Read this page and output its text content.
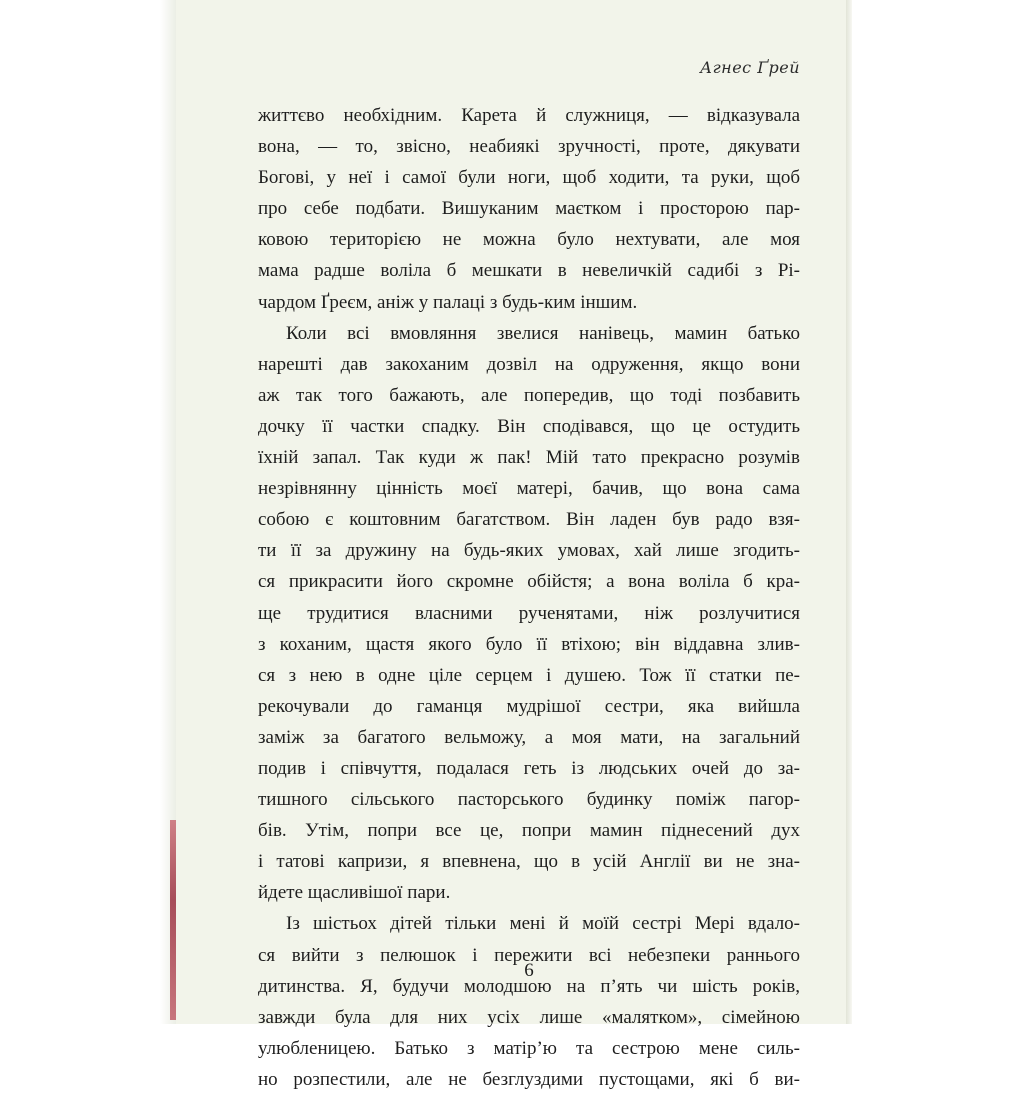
Агнес Ґрей
життєво необхідним. Карета й служниця, — відказувала
вона, — то, звісно, неабиякі зручності, проте, дякувати
Богові, у неї і самої були ноги, щоб ходити, та руки, щоб
про себе подбати. Вишуканим маєтком і просторою пар-
ковою територією не можна було нехтувати, але моя
мама радше воліла б мешкати в невеличкій садибі з Рі-
чардом Ґреєм, аніж у палаці з будь-ким іншим.
Коли всі вмовляння звелися нанівець, мамин батько
нарешті дав закоханим дозвіл на одруження, якщо вони
аж так того бажають, але попередив, що тоді позбавить
дочку її частки спадку. Він сподівався, що це остудить
їхній запал. Так куди ж пак! Мій тато прекрасно розумів
незрівнянну цінність моєї матері, бачив, що вона сама
собою є коштовним багатством. Він ладен був радо взя-
ти її за дружину на будь-яких умовах, хай лише згодить-
ся прикрасити його скромне обійстя; а вона воліла б кра-
ще трудитися власними рученятами, ніж розлучитися
з коханим, щастя якого було її втіхою; він віддавна злив-
ся з нею в одне ціле серцем і душею. Тож її статки пе-
рекочували до гаманця мудрішої сестри, яка вийшла
заміж за багатого вельможу, а моя мати, на загальний
подив і співчуття, подалася геть із людських очей до за-
тишного сільського пасторського будинку поміж пагор-
бів. Утім, попри все це, попри мамин піднесений дух
і татові капризи, я впевнена, що в усій Англії ви не зна-
йдете щасливішої пари.
Із шістьох дітей тільки мені й моїй сестрі Мері вдало-
ся вийти з пелюшок і пережити всі небезпеки раннього
дитинства. Я, будучи молодшою на п’ять чи шість років,
завжди була для них усіх лише «малятком», сімейною
улюбленицею. Батько з матір’ю та сестрою мене силь-
но розпестили, але не безглуздими пустощами, які б ви-
6
